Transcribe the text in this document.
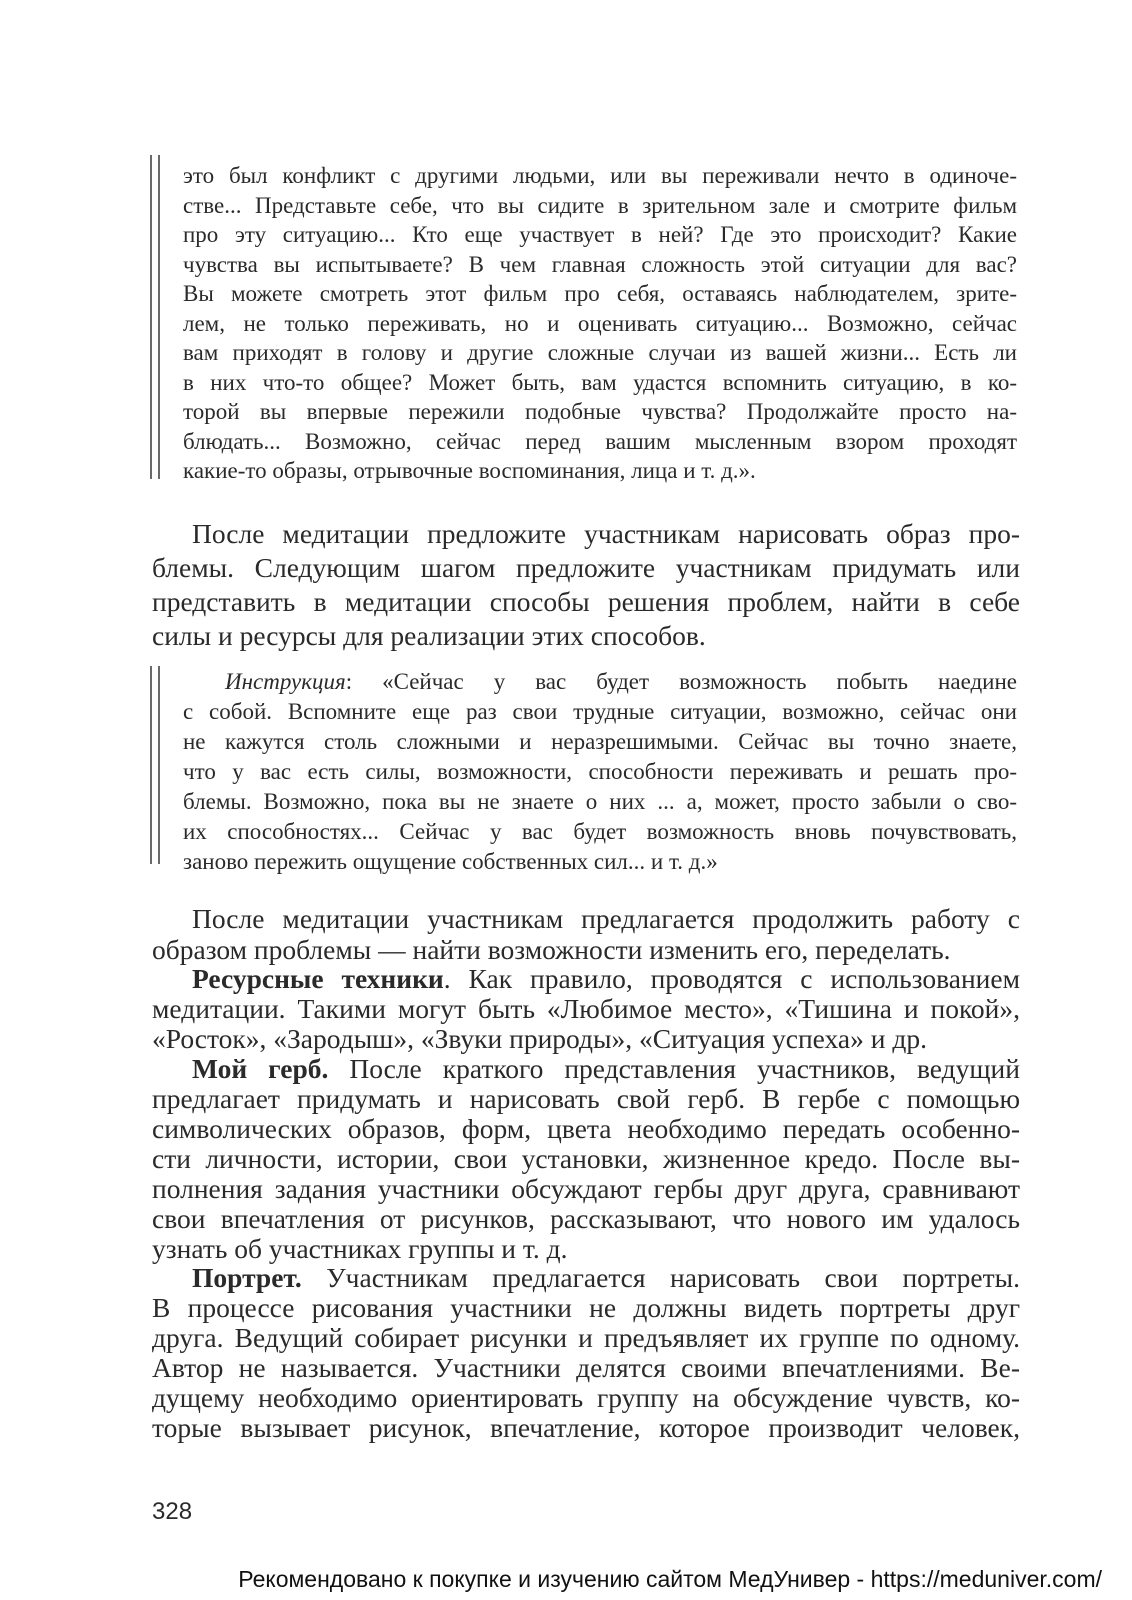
это был конфликт с другими людьми, или вы переживали нечто в одиноче-
стве... Представьте себе, что вы сидите в зрительном зале и смотрите фильм
про эту ситуацию... Кто еще участвует в ней? Где это происходит? Какие
чувства вы испытываете? В чем главная сложность этой ситуации для вас?
Вы можете смотреть этот фильм про себя, оставаясь наблюдателем, зрите-
лем, не только переживать, но и оценивать ситуацию... Возможно, сейчас
вам приходят в голову и другие сложные случаи из вашей жизни... Есть ли
в них что-то общее? Может быть, вам удастся вспомнить ситуацию, в ко-
торой вы впервые пережили подобные чувства? Продолжайте просто на-
блюдать... Возможно, сейчас перед вашим мысленным взором проходят
какие-то образы, отрывочные воспоминания, лица и т. д.».
После медитации предложите участникам нарисовать образ про-
блемы. Следующим шагом предложите участникам придумать или
представить в медитации способы решения проблем, найти в себе
силы и ресурсы для реализации этих способов.
Инструкция: «Сейчас у вас будет возможность побыть наедине
с собой. Вспомните еще раз свои трудные ситуации, возможно, сейчас они
не кажутся столь сложными и неразрешимыми. Сейчас вы точно знаете,
что у вас есть силы, возможности, способности переживать и решать про-
блемы. Возможно, пока вы не знаете о них ... а, может, просто забыли о сво-
их способностях... Сейчас у вас будет возможность вновь почувствовать,
заново пережить ощущение собственных сил... и т. д.»
После медитации участникам предлагается продолжить работу с
образом проблемы — найти возможности изменить его, переделать.
Ресурсные техники. Как правило, проводятся с использованием
медитации. Такими могут быть «Любимое место», «Тишина и покой»,
«Росток», «Зародыш», «Звуки природы», «Ситуация успеха» и др.
Мой герб. После краткого представления участников, ведущий
предлагает придумать и нарисовать свой герб. В гербе с помощью
символических образов, форм, цвета необходимо передать особенно-
сти личности, истории, свои установки, жизненное кредо. После вы-
полнения задания участники обсуждают гербы друг друга, сравнивают
свои впечатления от рисунков, рассказывают, что нового им удалось
узнать об участниках группы и т. д.
Портрет. Участникам предлагается нарисовать свои портреты.
В процессе рисования участники не должны видеть портреты друг
друга. Ведущий собирает рисунки и предъявляет их группе по одному.
Автор не называется. Участники делятся своими впечатлениями. Ве-
дущему необходимо ориентировать группу на обсуждение чувств, ко-
торые вызывает рисунок, впечатление, которое производит человек,
328
Рекомендовано к покупке и изучению сайтом МедУнивер - https://meduniver.com/
